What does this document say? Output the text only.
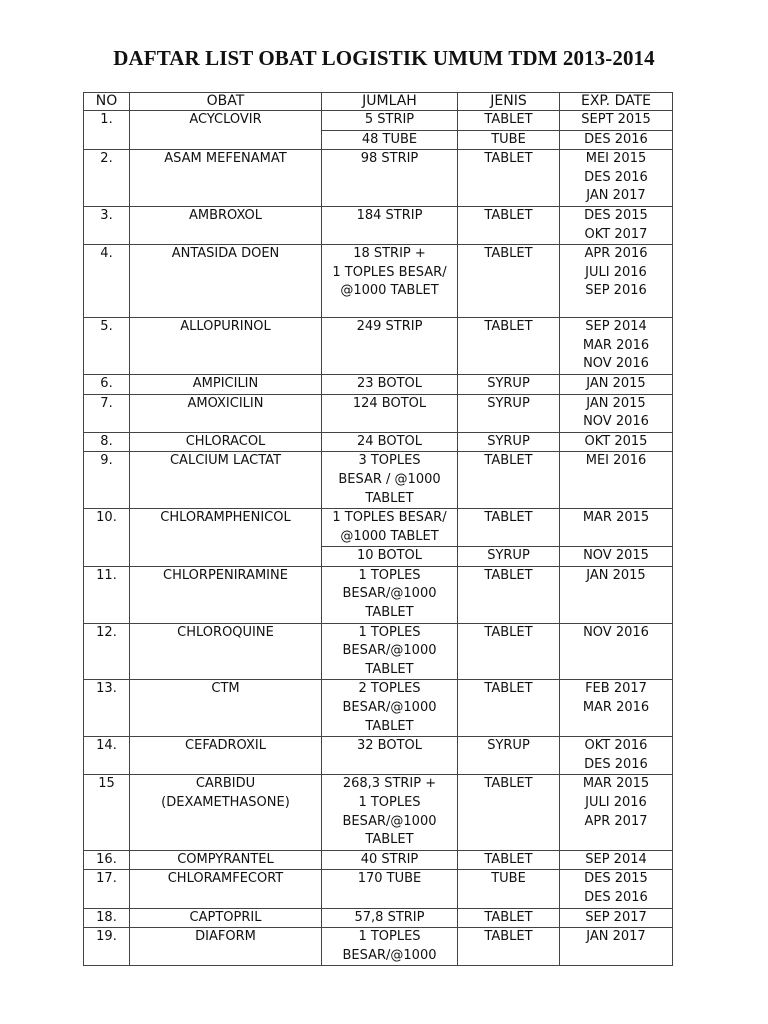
DAFTAR LIST OBAT LOGISTIK UMUM TDM 2013-2014
NO	OBAT	JUMLAH	JENIS	EXP. DATE
1.	ACYCLOVIR	5 STRIP	TABLET	SEPT 2015

		48 TUBE	TUBE	DES 2016

2.	ASAM MEFENAMAT	98 STRIP	TABLET	MEI 2015
DES 2016
JAN 2017

3.	AMBROXOL	184 STRIP	TABLET	DES 2015
OKT 2017

4.	ANTASIDA DOEN	18 STRIP +
1 TOPLES BESAR/
@1000 TABLET	TABLET	APR 2016
JULI 2016
SEP 2016

5.	ALLOPURINOL	249 STRIP	TABLET	SEP 2014
MAR 2016
NOV 2016

6.	AMPICILIN	23 BOTOL	SYRUP	JAN 2015

7.	AMOXICILIN	124 BOTOL	SYRUP	JAN 2015
NOV 2016

8.	CHLORACOL	24 BOTOL	SYRUP	OKT 2015

9.	CALCIUM LACTAT	3 TOPLES
BESAR / @1000
TABLET	TABLET	MEI 2016

10.	CHLORAMPHENICOL	1 TOPLES BESAR/
@1000 TABLET	TABLET	MAR 2015

		10 BOTOL	SYRUP	NOV 2015

11.	CHLORPENIRAMINE	1 TOPLES
BESAR/@1000
TABLET	TABLET	JAN 2015

12.	CHLOROQUINE	1 TOPLES
BESAR/@1000
TABLET	TABLET	NOV 2016

13.	CTM	2 TOPLES
BESAR/@1000
TABLET	TABLET	FEB 2017
MAR 2016

14.	CEFADROXIL	32 BOTOL	SYRUP	OKT 2016
DES 2016

15	CARBIDU
(DEXAMETHASONE)	268,3 STRIP +
1 TOPLES
BESAR/@1000
TABLET	TABLET	MAR 2015
JULI 2016
APR 2017

16.	COMPYRANTEL	40 STRIP	TABLET	SEP 2014

17.	CHLORAMFECORT	170 TUBE	TUBE	DES 2015
DES 2016

18.	CAPTOPRIL	57,8 STRIP	TABLET	SEP 2017

19.	DIAFORM	1 TOPLES
BESAR/@1000	TABLET	JAN 2017
